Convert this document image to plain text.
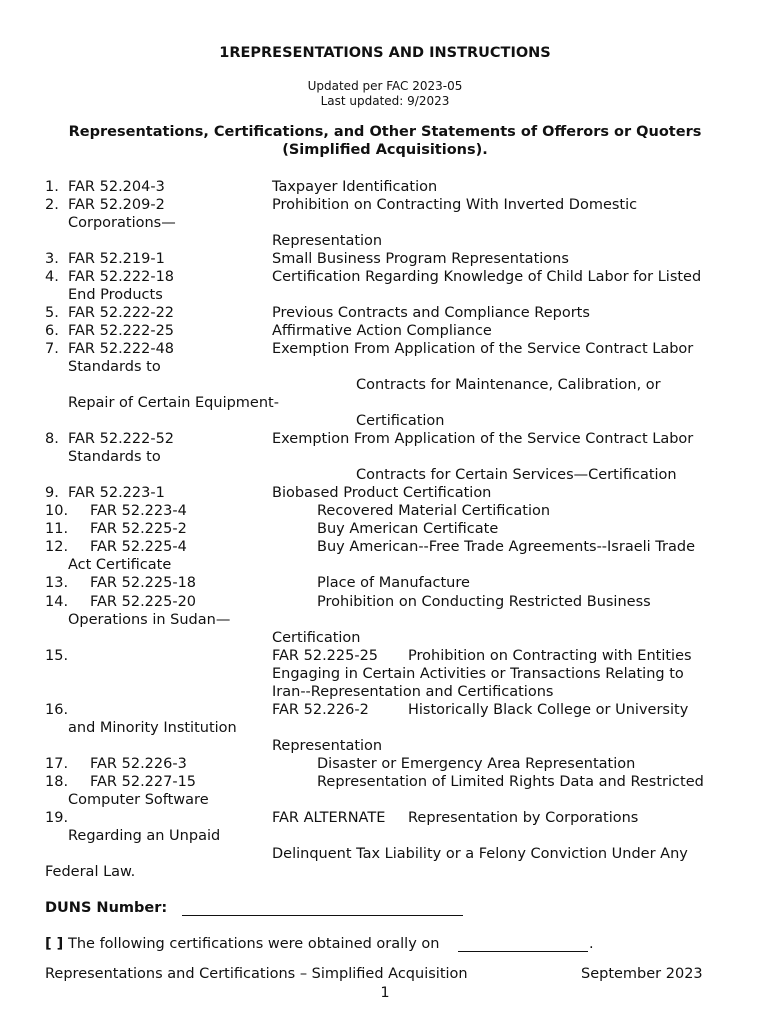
1REPRESENTATIONS AND INSTRUCTIONS
Updated per FAC 2023-05
Last updated: 9/2023
Representations, Certifications, and Other Statements of Offerors or Quoters (Simplified Acquisitions).
1. FAR 52.204-3	Taxpayer Identification
2. FAR 52.209-2	Prohibition on Contracting With Inverted Domestic
Corporations—
Representation
3. FAR 52.219-1	Small Business Program Representations
4. FAR 52.222-18	Certification Regarding Knowledge of Child Labor for Listed
End Products
5. FAR 52.222-22	Previous Contracts and Compliance Reports
6. FAR 52.222-25	Affirmative Action Compliance
7. FAR 52.222-48	Exemption From Application of the Service Contract Labor
Standards to
Contracts for Maintenance, Calibration, or
Repair of Certain Equipment-
Certification
8. FAR 52.222-52	Exemption From Application of the Service Contract Labor
Standards to
Contracts for Certain Services—Certification
9. FAR 52.223-1	Biobased Product Certification
10. FAR 52.223-4	Recovered Material Certification
11. FAR 52.225-2	Buy American Certificate
12. FAR 52.225-4	Buy American--Free Trade Agreements--Israeli Trade
Act Certificate
13. FAR 52.225-18	Place of Manufacture
14. FAR 52.225-20	Prohibition on Conducting Restricted Business
Operations in Sudan—
Certification
15.	FAR 52.225-25 Prohibition on Contracting with Entities
Engaging in Certain Activities or Transactions Relating to
Iran--Representation and Certifications
16.	FAR 52.226-2	Historically Black College or University
and Minority Institution
Representation
17. FAR 52.226-3	Disaster or Emergency Area Representation
18. FAR 52.227-15	Representation of Limited Rights Data and Restricted
Computer Software
19.	FAR ALTERNATE Representation by Corporations
Regarding an Unpaid
Delinquent Tax Liability or a Felony Conviction Under Any
Federal Law.
DUNS Number:
[ ] The following certifications were obtained orally on	.
Representations and Certifications – Simplified Acquisition	September 2023
1
